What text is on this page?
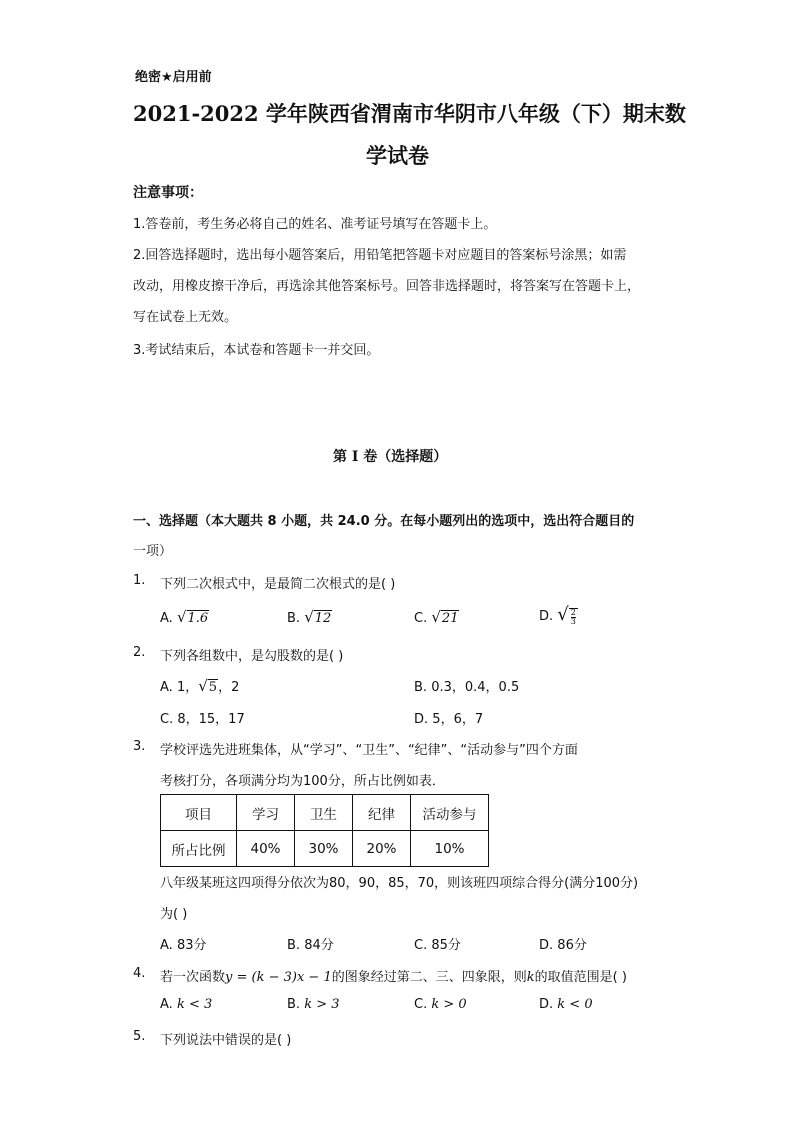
绝密★启用前
2021-2022 学年陕西省渭南市华阴市八年级（下）期末数
学试卷
注意事项：
1.答卷前，考生务必将自己的姓名、准考证号填写在答题卡上。
2.回答选择题时，选出每小题答案后，用铅笔把答题卡对应题目的答案标号涂黑；如需
改动，用橡皮擦干净后，再选涂其他答案标号。回答非选择题时，将答案写在答题卡上，
写在试卷上无效。
3.考试结束后，本试卷和答题卡一并交回。
第 I 卷（选择题）
一、选择题（本大题共 8 小题，共 24.0 分。在每小题列出的选项中，选出符合题目的
一项）
1. 下列二次根式中，是最简二次根式的是( )
A. √1.6	B. √12	C. √21	D. √ $\frac{2}{3}$
2. 下列各组数中，是勾股数的是( )
A. 1，√5，2	B. 0.3，0.4，0.5
C. 8，15，17	D. 5，6，7
3. 学校评选先进班集体，从“学习”、“卫生”、“纪律”、“活动参与”四个方面
考核打分，各项满分均为100分，所占比例如表．
项目	学习	卫生	纪律	活动参与
所占比例	40%	30%	20%	10%
八年级某班这四项得分依次为80，90，85，70，则该班四项综合得分(满分100分)
为( )
A. 83分	B. 84分	C. 85分	D. 86分
4. 若一次函数y = (k − 3)x − 1的图象经过第二、三、四象限，则k的取值范围是( )
A. k < 3	B. k > 3	C. k > 0	D. k < 0
5. 下列说法中错误的是( )
